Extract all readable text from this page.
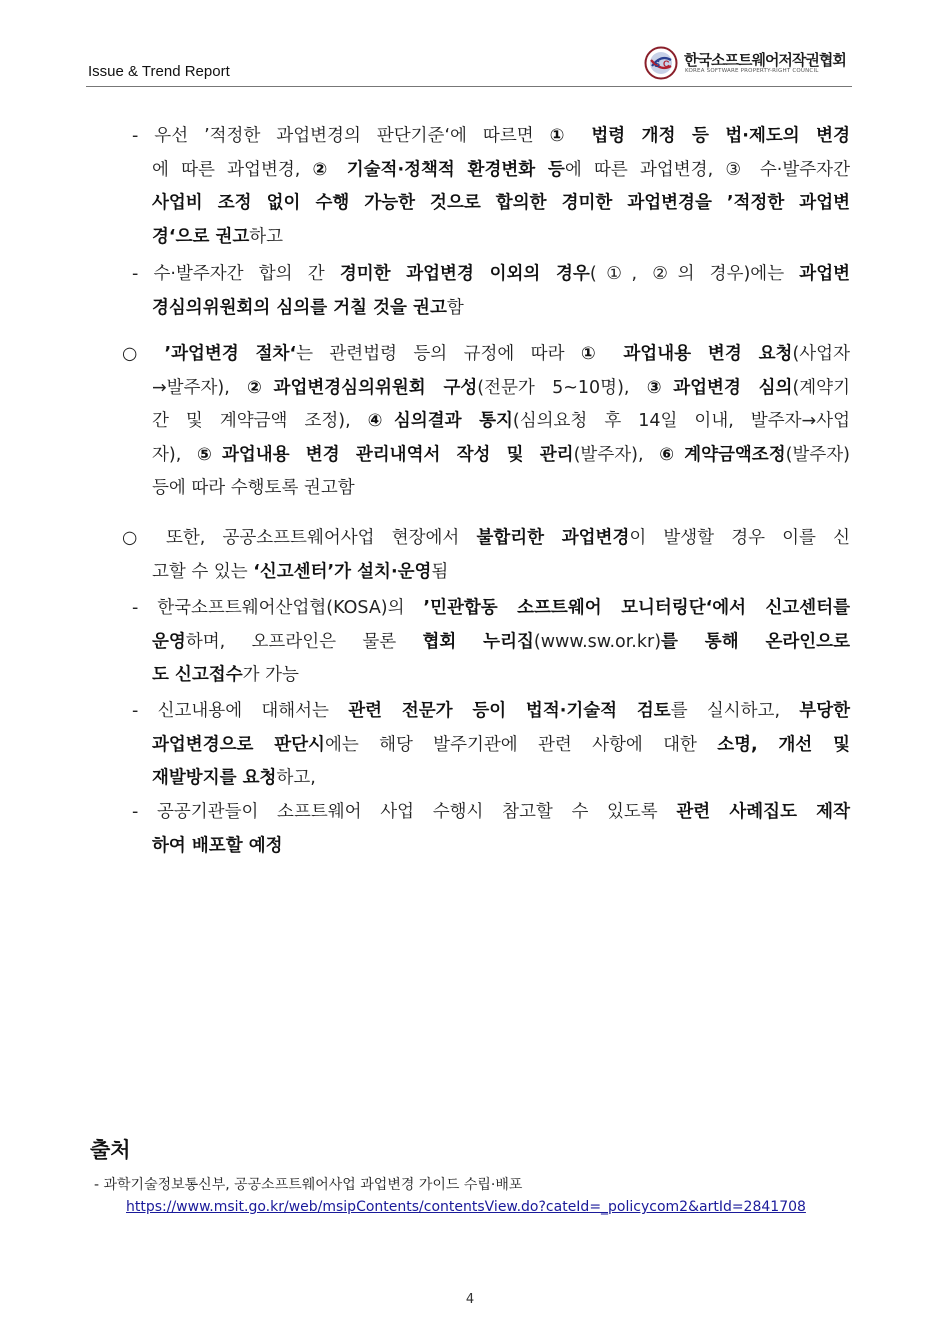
Issue & Trend Report	S C 한국소프트웨어저작권협회
KOREA SOFTWARE PROPERTY-RIGHT COUNCIL
- 우선 ’적정한 과업변경의 판단기준‘에 따르면 ① 법령 개정 등 법·제도의 변경
에 따른 과업변경, ② 기술적·정책적 환경변화 등에 따른 과업변경, ③ 수·발주자간
사업비 조정 없이 수행 가능한 것으로 합의한 경미한 과업변경을 ’적정한 과업변
경‘으로 권고하고
- 수·발주자간 합의 간 경미한 과업변경 이외의 경우(①, ②의 경우)에는 과업변
경심의위원회의 심의를 거칠 것을 권고함
○ ’과업변경 절차‘는 관련법령 등의 규정에 따라 ① 과업내용 변경 요청(사업자
→발주자), ②과업변경심의위원회 구성(전문가 5~10명), ③과업변경 심의(계약기
간 및 계약금액 조정), ④심의결과 통지(심의요청 후 14일 이내, 발주자→사업
자), ⑤과업내용 변경 관리내역서 작성 및 관리(발주자), ⑥계약금액조정(발주자)
등에 따라 수행토록 권고함
○ 또한, 공공소프트웨어사업 현장에서 불합리한 과업변경이 발생할 경우 이를 신
고할 수 있는 ‘신고센터’가 설치·운영됨
- 한국소프트웨어산업협(KOSA)의 ’민관합동 소프트웨어 모니터링단‘에서 신고센터를
운영하며, 오프라인은 물론 협회 누리집(www.sw.or.kr)를 통해 온라인으로
도 신고접수가 가능
- 신고내용에 대해서는 관련 전문가 등이 법적·기술적 검토를 실시하고, 부당한
과업변경으로 판단시에는 해당 발주기관에 관련 사항에 대한 소명, 개선 및
재발방지를 요청하고,
- 공공기관들이 소프트웨어 사업 수행시 참고할 수 있도록 관련 사례집도 제작
하여 배포할 예정
출처
- 과학기술정보통신부, 공공소프트웨어사업 과업변경 가이드 수립·배포
https://www.msit.go.kr/web/msipContents/contentsView.do?cateId=_policycom2&artId=2841708
4
